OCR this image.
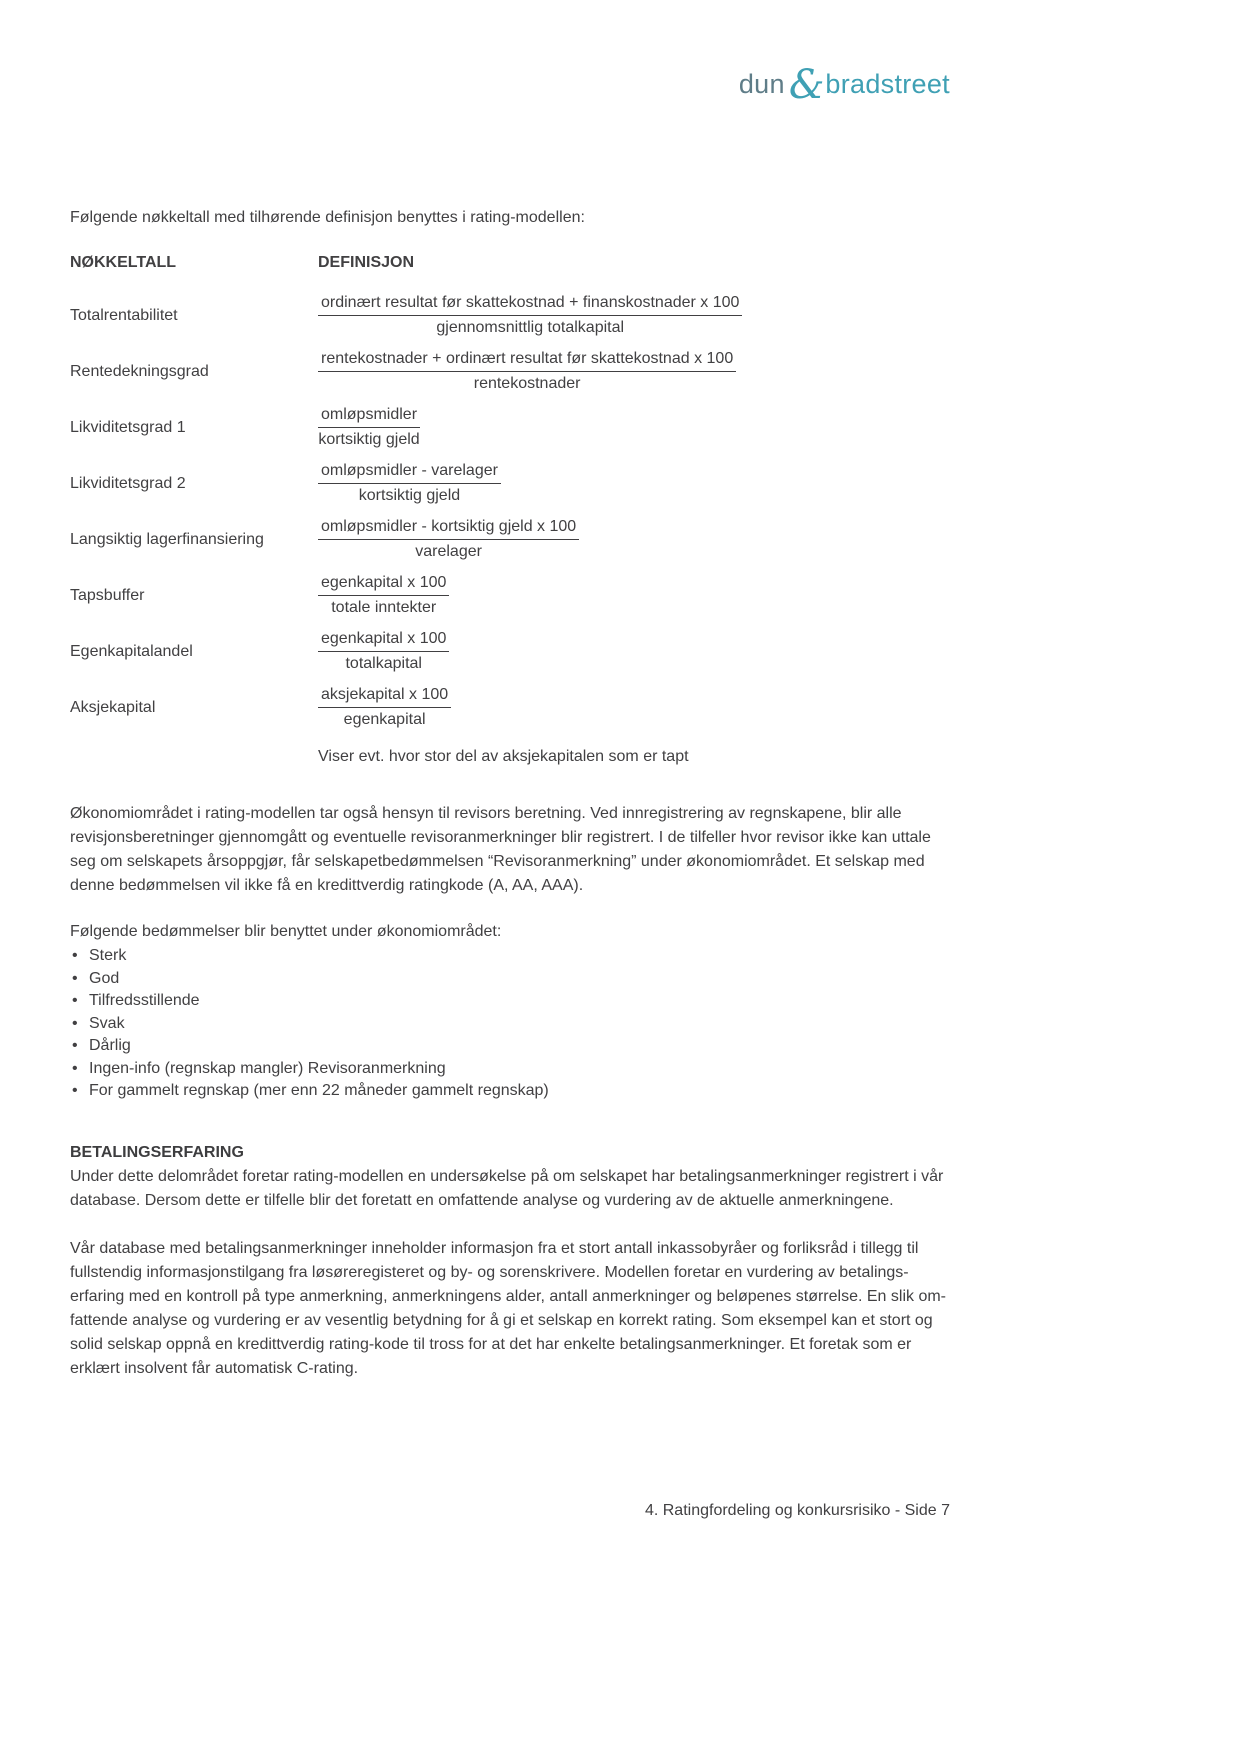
dun &bradstreet

Følgende nøkkeltall med tilhørende definisjon benyttes i rating-modellen:

NØKKELTALL	DEFINISJON
Totalrentabilitet	$\frac{\text{ordinært resultat før skattekostnad + finanskostnader x 100}}{\text{gjennomsnittlig totalkapital}}$
Rentedekningsgrad	$\frac{\text{rentekostnader + ordinært resultat før skattekostnad x 100}}{\text{rentekostnader}}$
Likviditetsgrad 1	$\frac{\text{omløpsmidler}}{\text{kortsiktig gjeld}}$
Likviditetsgrad 2	$\frac{\text{omløpsmidler - varelager}}{\text{kortsiktig gjeld}}$
Langsiktig lagerfinansiering	$\frac{\text{omløpsmidler - kortsiktig gjeld x 100}}{\text{varelager}}$
Tapsbuffer	$\frac{\text{egenkapital x 100}}{\text{totale inntekter}}$
Egenkapitalandel	$\frac{\text{egenkapital x 100}}{\text{totalkapital}}$
Aksjekapital	$\frac{\text{aksjekapital x 100}}{\text{egenkapital}}$
Viser evt. hvor stor del av aksjekapitalen som er tapt

Økonomiområdet i rating-modellen tar også hensyn til revisors beretning. Ved innregistrering av regnskapene, blir alle revisjonsberetninger gjennomgått og eventuelle revisoranmerkninger blir registrert. I de tilfeller hvor revisor ikke kan uttale seg om selskapets årsoppgjør, får selskapetbedømmelsen “Revisoranmerkning” under økonomiområdet. Et selskap med denne bedømmelsen vil ikke få en kredittverdig ratingkode (A, AA, AAA).

Følgende bedømmelser blir benyttet under økonomiområdet:

• Sterk
• God
• Tilfredsstillende
• Svak
• Dårlig
• Ingen-info (regnskap mangler) Revisoranmerkning
• For gammelt regnskap (mer enn 22 måneder gammelt regnskap)
BETALINGSERFARING

Under dette delområdet foretar rating-modellen en undersøkelse på om selskapet har betalingsanmerkninger registrert i vår database. Dersom dette er tilfelle blir det foretatt en omfattende analyse og vurdering av de aktuelle anmerkningene.

Vår database med betalingsanmerkninger inneholder informasjon fra et stort antall inkassobyråer og forliksråd i tillegg til fullstendig informasjonstilgang fra løsøreregisteret og by- og sorenskrivere. Modellen foretar en vurdering av betalings- erfaring med en kontroll på type anmerkning, anmerkningens alder, antall anmerkninger og beløpenes størrelse. En slik om- fattende analyse og vurdering er av vesentlig betydning for å gi et selskap en korrekt rating. Som eksempel kan et stort og solid selskap oppnå en kredittverdig rating-kode til tross for at det har enkelte betalingsanmerkninger. Et foretak som er erklært insolvent får automatisk C-rating.

4. Ratingfordeling og konkursrisiko - Side 7
